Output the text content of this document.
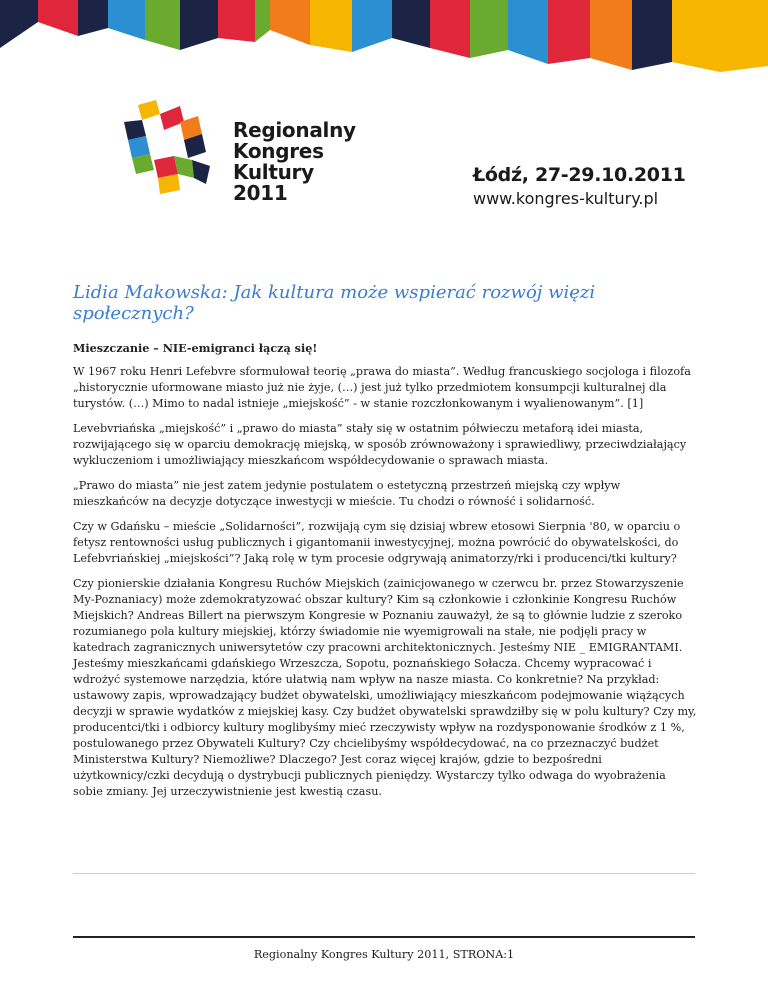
Regionalny
Kongres
Kultury
2011
Łódź, 27-29.10.2011
www.kongres-kultury.pl
Lidia Makowska: Jak kultura może wspierać rozwój więzi społecznych?
Mieszczanie – NIE-emigranci łączą się!

W 1967 roku Henri Lefebvre sformułował teorię „prawa do miasta”. Według francuskiego socjologa i filozofa „historycznie uformowane miasto już nie żyje, (…) jest już tylko przedmiotem konsumpcji kulturalnej dla turystów. (…) Mimo to nadal istnieje „miejskość” - w stanie rozczłonkowanym i wyalienowanym”. [1]

Levebvriańska „miejskość” i „prawo do miasta” stały się w ostatnim półwieczu metaforą idei miasta, rozwijającego się w oparciu demokrację miejską, w sposób zrównoważony i sprawiedliwy, przeciwdziałający wykluczeniom i umożliwiający mieszkańcom współdecydowanie o sprawach miasta.

„Prawo do miasta” nie jest zatem jedynie postulatem o estetyczną przestrzeń miejską czy wpływ mieszkańców na decyzje dotyczące inwestycji w mieście. Tu chodzi o równość i solidarność.

Czy w Gdańsku – mieście „Solidarności”, rozwijają cym się dzisiaj wbrew etosowi Sierpnia '80, w oparciu o fetysz rentowności usług publicznych i gigantomanii inwestycyjnej, można powrócić do obywatelskości, do Lefebvriańskiej „miejskości”? Jaką rolę w tym procesie odgrywają animatorzy/rki i producenci/tki kultury?

Czy pionierskie działania Kongresu Ruchów Miejskich (zainicjowanego w czerwcu br. przez Stowarzyszenie My-Poznaniacy) może zdemokratyzować obszar kultury? Kim są członkowie i członkinie Kongresu Ruchów Miejskich? Andreas Billert na pierwszym Kongresie w Poznaniu zauważył, że są to głównie ludzie z szeroko rozumianego pola kultury miejskiej, którzy świadomie nie wyemigrowali na stałe, nie podjęli pracy w katedrach zagranicznych uniwersytetów czy pracowni architektonicznych. Jesteśmy NIE _ EMIGRANTAMI. Jesteśmy mieszkańcami gdańskiego Wrzeszcza, Sopotu, poznańskiego Sołacza. Chcemy wypracować i wdrożyć systemowe narzędzia, które ułatwią nam wpływ na nasze miasta. Co konkretnie? Na przykład: ustawowy zapis, wprowadzający budżet obywatelski, umożliwiający mieszkańcom podejmowanie wiążących decyzji w sprawie wydatków z miejskiej kasy. Czy budżet obywatelski sprawdziłby się w polu kultury? Czy my, producentci/tki i odbiorcy kultury moglibyśmy mieć rzeczywisty wpływ na rozdysponowanie środków z 1 %, postulowanego przez Obywateli Kultury? Czy chcielibyśmy współdecydować, na co przeznaczyć budżet Ministerstwa Kultury? Niemożliwe? Dlaczego? Jest coraz więcej krajów, gdzie to bezpośredni użytkownicy/czki decydują o dystrybucji publicznych pieniędzy. Wystarczy tylko odwaga do wyobrażenia sobie zmiany. Jej urzeczywistnienie jest kwestią czasu.

Regionalny Kongres Kultury 2011, STRONA:1
